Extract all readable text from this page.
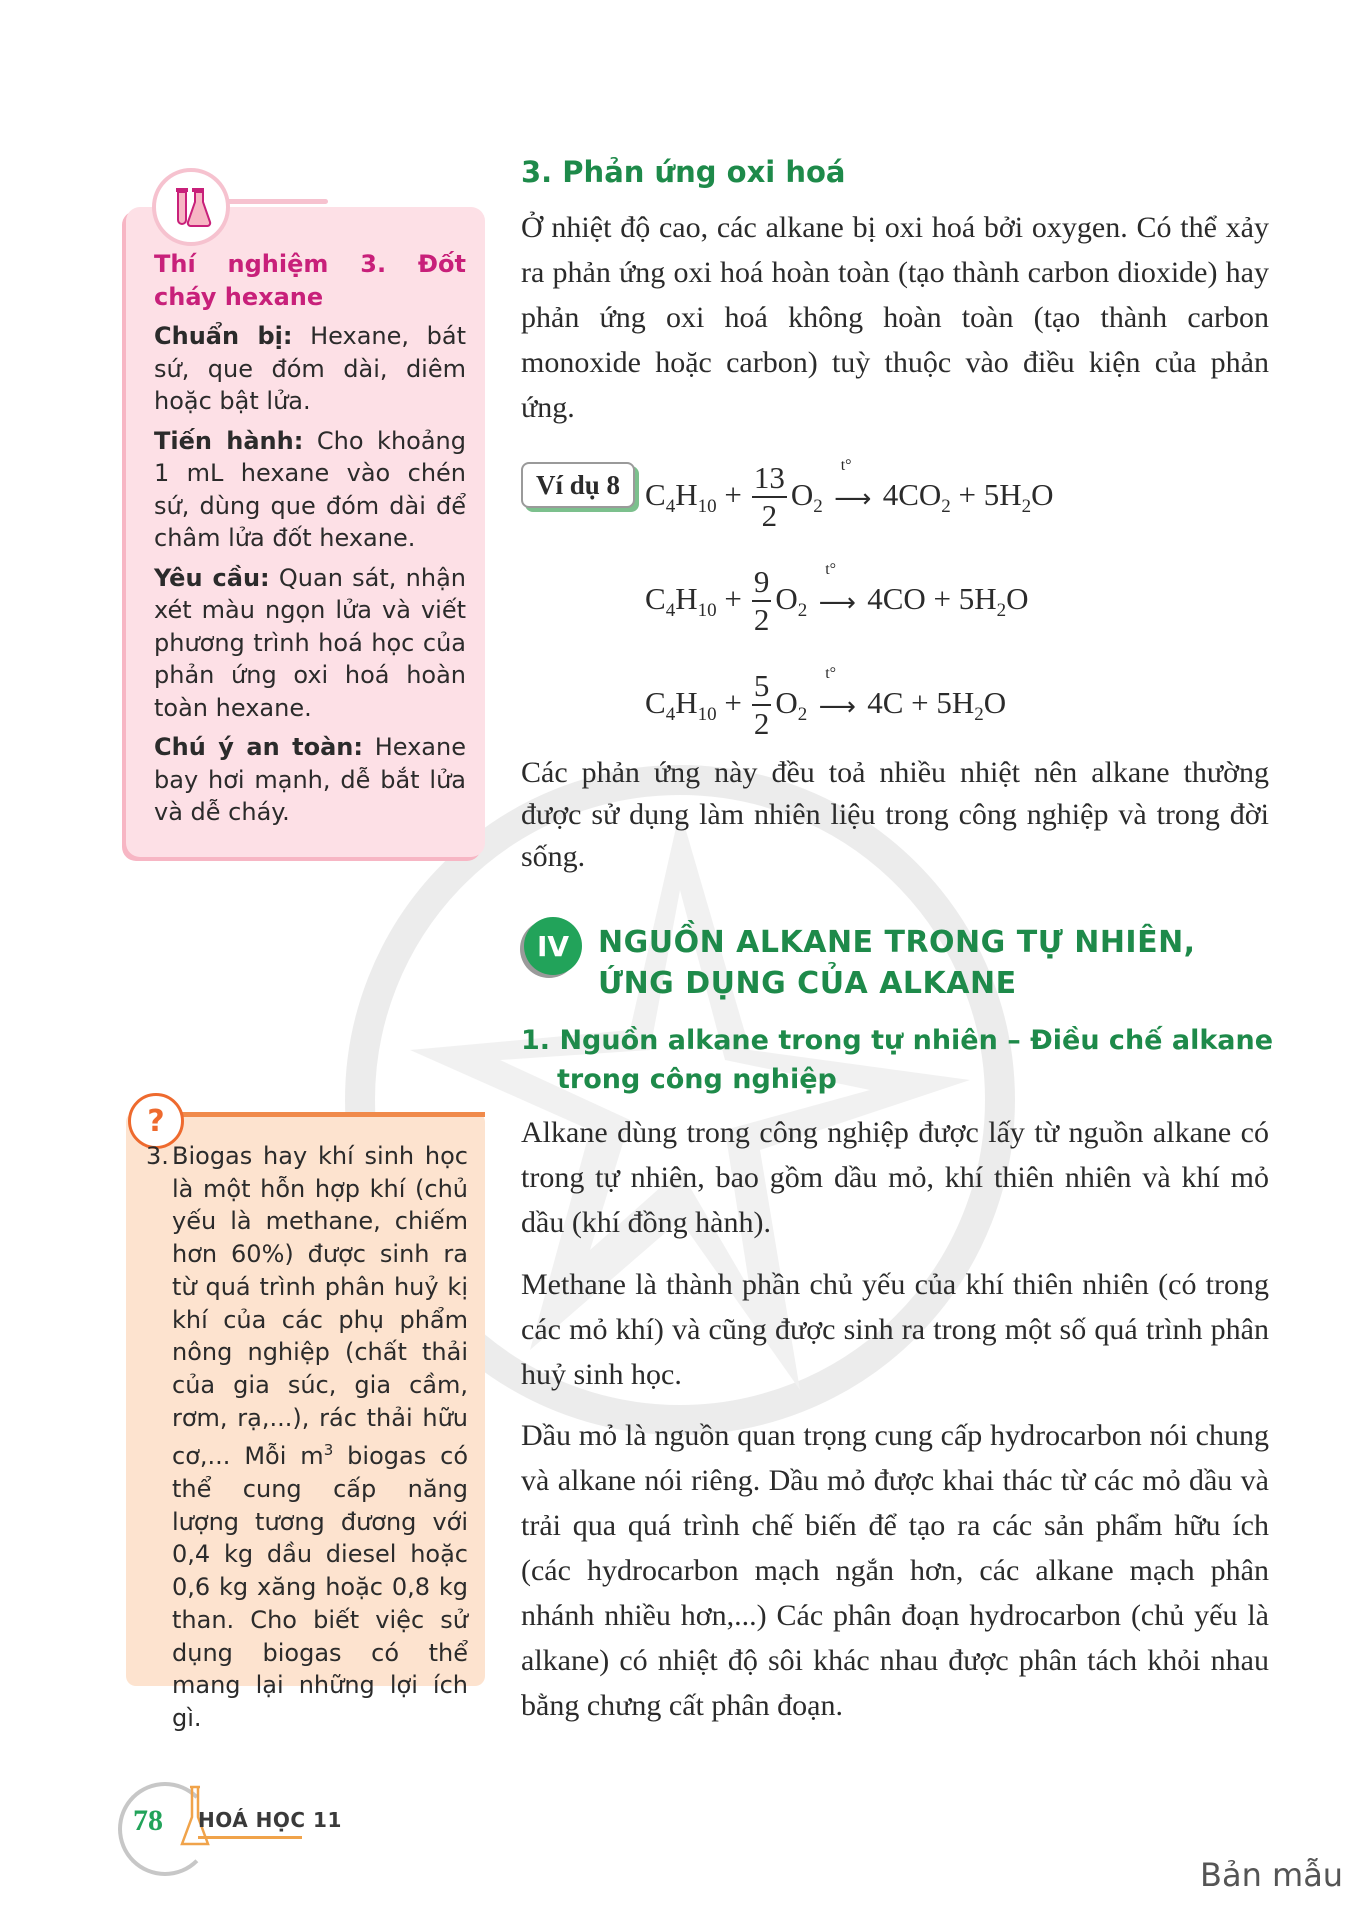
Thí nghiệm 3. Đốt cháy hexane

Chuẩn bị: Hexane, bát sứ, que đóm dài, diêm hoặc bật lửa.

Tiến hành: Cho khoảng 1 mL hexane vào chén sứ, dùng que đóm dài để châm lửa đốt hexane.

Yêu cầu: Quan sát, nhận xét màu ngọn lửa và viết phương trình hoá học của phản ứng oxi hoá hoàn toàn hexane.

Chú ý an toàn: Hexane bay hơi mạnh, dễ bắt lửa và dễ cháy.

?
3. Biogas hay khí sinh học là một hỗn hợp khí (chủ yếu là methane, chiếm hơn 60%) được sinh ra từ quá trình phân huỷ kị khí của các phụ phẩm nông nghiệp (chất thải của gia súc, gia cầm, rơm, rạ,...), rác thải hữu cơ,... Mỗi $m^3$ biogas có thể cung cấp năng lượng tương đương với 0,4 kg dầu diesel hoặc 0,6 kg xăng hoặc 0,8 kg than. Cho biết việc sử dụng biogas có thể mang lại những lợi ích gì.

3. Phản ứng oxi hoá

Ở nhiệt độ cao, các alkane bị oxi hoá bởi oxygen. Có thể xảy ra phản ứng oxi hoá hoàn toàn (tạo thành carbon dioxide) hay phản ứng oxi hoá không hoàn toàn (tạo thành carbon monoxide hoặc carbon) tuỳ thuộc vào điều kiện của phản ứng.

Ví dụ 8 $C_4H_{10} + \frac{13}{2} O_2$
t°
⟶ $4CO_2 + 5H_2O$
$C_4H_{10} + \frac{9}{2} O_2$
t°
⟶ $4CO + 5H_2O$
$C_4H_{10} + \frac{5}{2} O_2$
t°
⟶ $4C + 5H_2O$

Các phản ứng này đều toả nhiều nhiệt nên alkane thường được sử dụng làm nhiên liệu trong công nghiệp và trong đời sống.

IV NGUỒN ALKANE TRONG TỰ NHIÊN,
ỨNG DỤNG CỦA ALKANE
1. Nguồn alkane trong tự nhiên – Điều chế alkane
trong công nghiệp

Alkane dùng trong công nghiệp được lấy từ nguồn alkane có trong tự nhiên, bao gồm dầu mỏ, khí thiên nhiên và khí mỏ dầu (khí đồng hành).

Methane là thành phần chủ yếu của khí thiên nhiên (có trong các mỏ khí) và cũng được sinh ra trong một số quá trình phân huỷ sinh học.

Dầu mỏ là nguồn quan trọng cung cấp hydrocarbon nói chung và alkane nói riêng. Dầu mỏ được khai thác từ các mỏ dầu và trải qua quá trình chế biến để tạo ra các sản phẩm hữu ích (các hydrocarbon mạch ngắn hơn, các alkane mạch phân nhánh nhiều hơn,...) Các phân đoạn hydrocarbon (chủ yếu là alkane) có nhiệt độ sôi khác nhau được phân tách khỏi nhau bằng chưng cất phân đoạn.

78 HOÁ HỌC 11
Bản mẫu
